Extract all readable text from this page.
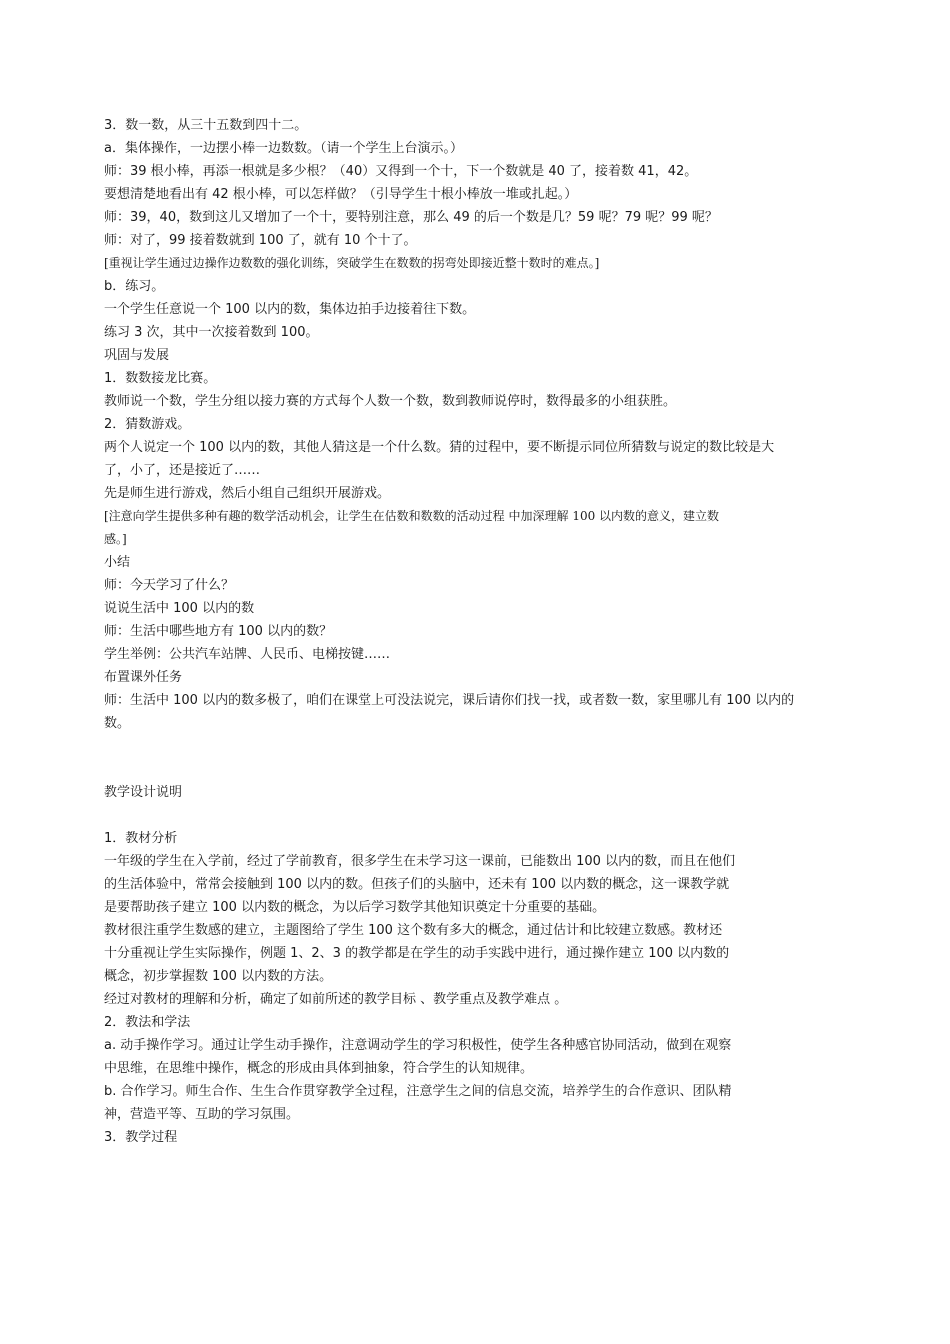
3．数一数，从三十五数到四十二。
a．集体操作，一边摆小棒一边数数。（请一个学生上台演示。）
师：39 根小棒，再添一根就是多少根？（40）又得到一个十，下一个数就是 40 了，接着数 41，42。
要想清楚地看出有 42 根小棒，可以怎样做？（引导学生十根小棒放一堆或扎起。）
师：39，40，数到这儿又增加了一个十，要特别注意，那么 49 的后一个数是几？59 呢？79 呢？99 呢？
师：对了，99 接着数就到 100 了，就有 10 个十了。
[重视让学生通过边操作边数数的强化训练，突破学生在数数的拐弯处即接近整十数时的难点。]
b．练习。
一个学生任意说一个 100 以内的数，集体边拍手边接着往下数。
练习 3 次，其中一次接着数到 100。
巩固与发展
1．数数接龙比赛。
教师说一个数，学生分组以接力赛的方式每个人数一个数，数到教师说停时，数得最多的小组获胜。
2．猜数游戏。
两个人说定一个 100 以内的数，其他人猜这是一个什么数。猜的过程中，要不断提示同位所猜数与说定的数比较是大
了，小了，还是接近了……
先是师生进行游戏，然后小组自己组织开展游戏。
[注意向学生提供多种有趣的数学活动机会，让学生在估数和数数的活动过程 中加深理解 100 以内数的意义，建立数
感。]
小结
师：今天学习了什么？
说说生活中 100 以内的数
师：生活中哪些地方有 100 以内的数？
学生举例：公共汽车站牌、人民币、电梯按键……
布置课外任务
师：生活中 100 以内的数多极了，咱们在课堂上可没法说完，课后请你们找一找，或者数一数，家里哪儿有 100 以内的
数。
教学设计说明
1．教材分析
一年级的学生在入学前，经过了学前教育，很多学生在未学习这一课前，已能数出 100 以内的数，而且在他们
的生活体验中，常常会接触到 100 以内的数。但孩子们的头脑中，还未有 100 以内数的概念，这一课教学就
是要帮助孩子建立 100 以内数的概念，为以后学习数学其他知识奠定十分重要的基础。
教材很注重学生数感的建立，主题图给了学生 100 这个数有多大的概念，通过估计和比较建立数感。教材还
十分重视让学生实际操作，例题 1、2、3 的教学都是在学生的动手实践中进行，通过操作建立 100 以内数的
概念，初步掌握数 100 以内数的方法。
经过对教材的理解和分析，确定了如前所述的教学目标 、教学重点及教学难点 。
2．教法和学法
a. 动手操作学习。通过让学生动手操作，注意调动学生的学习积极性，使学生各种感官协同活动，做到在观察
中思维，在思维中操作，概念的形成由具体到抽象，符合学生的认知规律。
b. 合作学习。师生合作、生生合作贯穿教学全过程，注意学生之间的信息交流，培养学生的合作意识、团队精
神，营造平等、互助的学习氛围。
3．教学过程
